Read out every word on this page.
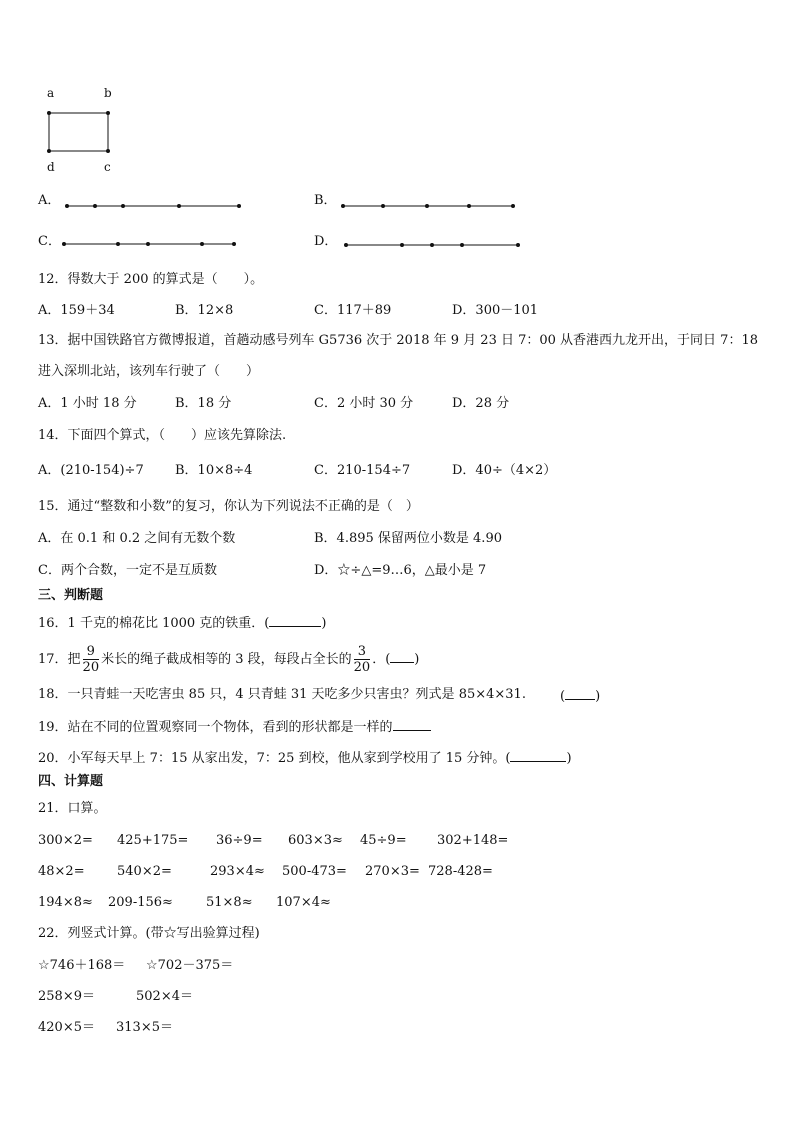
a	b
c
d
A．	B．
C．	D．
12．得数大于 200 的算式是（　　）。
A．159＋34	B．12×8	C．117＋89	D．300－101
13．据中国铁路官方微博报道，首趟动感号列车 G5736 次于 2018 年 9 月 23 日 7：00 从香港西九龙开出，于同日 7：18
进入深圳北站，该列车行驶了（　　）
A．1 小时 18 分	B．18 分	C．2 小时 30 分	D．28 分
14．下面四个算式，（　　）应该先算除法.
A．(210-154)÷7 B．10×8÷4	C．210-154÷7	D．40÷（4×2）
15．通过“整数和小数”的复习，你认为下列说法不正确的是（　）
A．在 0.1 和 0.2 之间有无数个数	B．4.895 保留两位小数是 4.90
C．两个合数，一定不是互质数	D．☆÷△=9…6，△最小是 7
三、判断题
16．1 千克的棉花比 1000 克的铁重．(	)
17．把 $\frac{9}{20}$ 米长的绳子截成相等的 3 段，每段占全长的 $\frac{3}{20}$ ．( )
18．一只青蛙一天吃害虫 85 只，4 只青蛙 31 天吃多少只害虫？列式是 85×4×31.	( )
19．站在不同的位置观察同一个物体，看到的形状都是一样的
20．小军每天早上 7：15 从家出发，7：25 到校，他从家到学校用了 15 分钟。(	)
四、计算题
21．口算。
300×2= 425+175= 36÷9= 603×3≈ 45÷9= 302+148=
48×2= 540×2=	293×4≈ 500-473= 270×3= 728-428=
194×8≈ 209-156≈	51×8≈ 107×4≈
22．列竖式计算。(带☆写出验算过程)
☆746＋168＝ ☆702－375＝
258×9＝	502×4＝
420×5＝ 313×5＝
